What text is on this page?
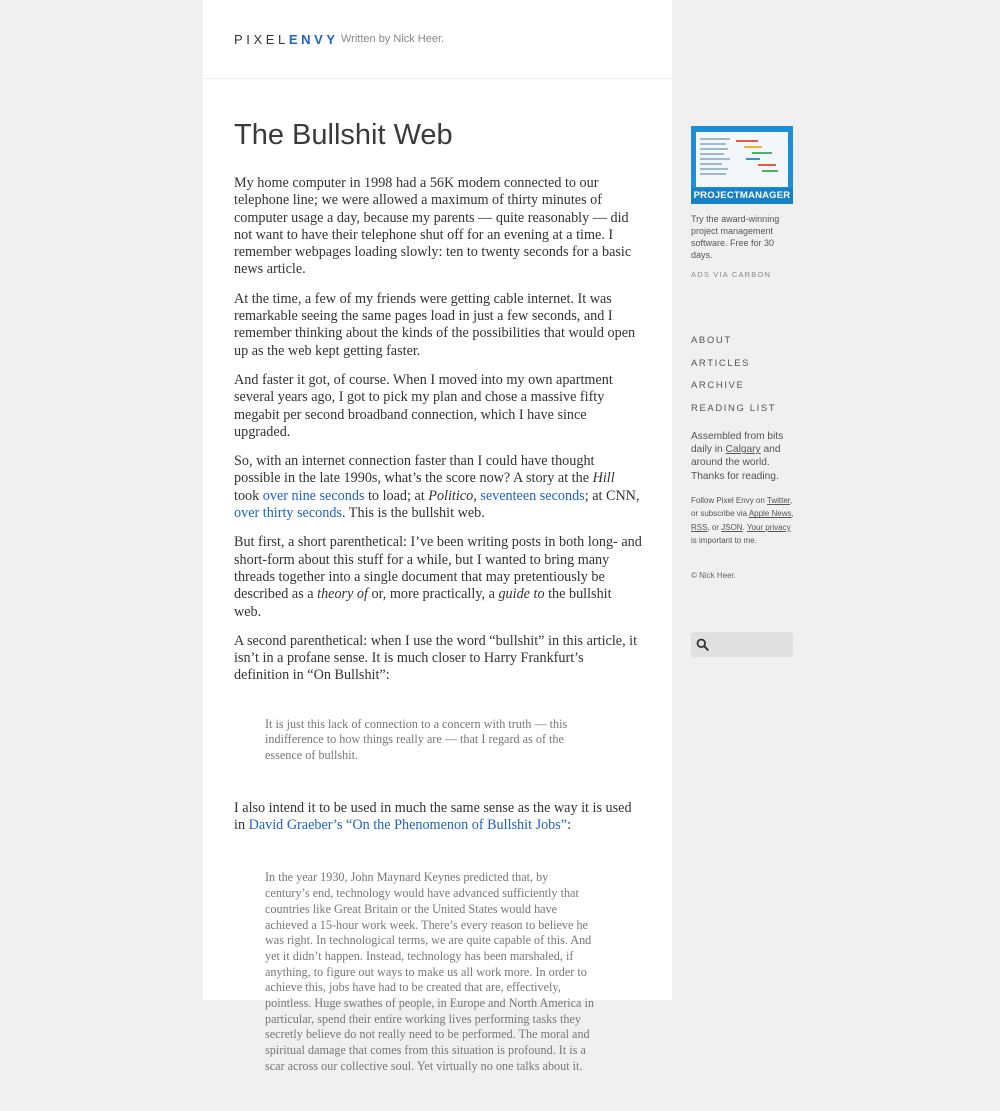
PIXELENVY Written by Nick Heer.
The Bullshit Web

My home computer in 1998 had a 56K modem connected to our telephone line; we were allowed a maximum of thirty minutes of computer usage a day, because my parents — quite reasonably — did not want to have their telephone shut off for an evening at a time. I remember webpages loading slowly: ten to twenty seconds for a basic news article.

At the time, a few of my friends were getting cable internet. It was remarkable seeing the same pages load in just a few seconds, and I remember thinking about the kinds of the possibilities that would open up as the web kept getting faster.

And faster it got, of course. When I moved into my own apartment several years ago, I got to pick my plan and chose a massive fifty megabit per second broadband connection, which I have since upgraded.

So, with an internet connection faster than I could have thought possible in the late 1990s, what’s the score now? A story at the Hill took over nine seconds to load; at Politico, seventeen seconds; at CNN, over thirty seconds. This is the bullshit web.

But first, a short parenthetical: I’ve been writing posts in both long- and short-form about this stuff for a while, but I wanted to bring many threads together into a single document that may pretentiously be described as a theory of or, more practically, a guide to the bullshit web.

A second parenthetical: when I use the word “bullshit” in this article, it isn’t in a profane sense. It is much closer to Harry Frankfurt’s definition in “On Bullshit”:

It is just this lack of connection to a concern with truth — this indifference to how things really are — that I regard as of the essence of bullshit.

I also intend it to be used in much the same sense as the way it is used in David Graeber’s “On the Phenomenon of Bullshit Jobs”:

In the year 1930, John Maynard Keynes predicted that, by century’s end, technology would have advanced sufficiently that countries like Great Britain or the United States would have achieved a 15-hour work week. There’s every reason to believe he was right. In technological terms, we are quite capable of this. And yet it didn’t happen. Instead, technology has been marshaled, if anything, to figure out ways to make us all work more. In order to achieve this, jobs have had to be created that are, effectively, pointless. Huge swathes of people, in Europe and North America in particular, spend their entire working lives performing tasks they secretly believe do not really need to be performed. The moral and spiritual damage that comes from this situation is profound. It is a scar across our collective soul. Yet virtually no one talks about it.
PROJECTMANAGER
Try the award-winning project management software. Free for 30 days.
ADS VIA CARBON
ABOUT
ARTICLES
ARCHIVE
READING LIST
Assembled from bits daily in Calgary and around the world. Thanks for reading.
Follow Pixel Envy on Twitter, or subscribe via Apple News, RSS, or JSON. Your privacy is important to me.
© Nick Heer.
